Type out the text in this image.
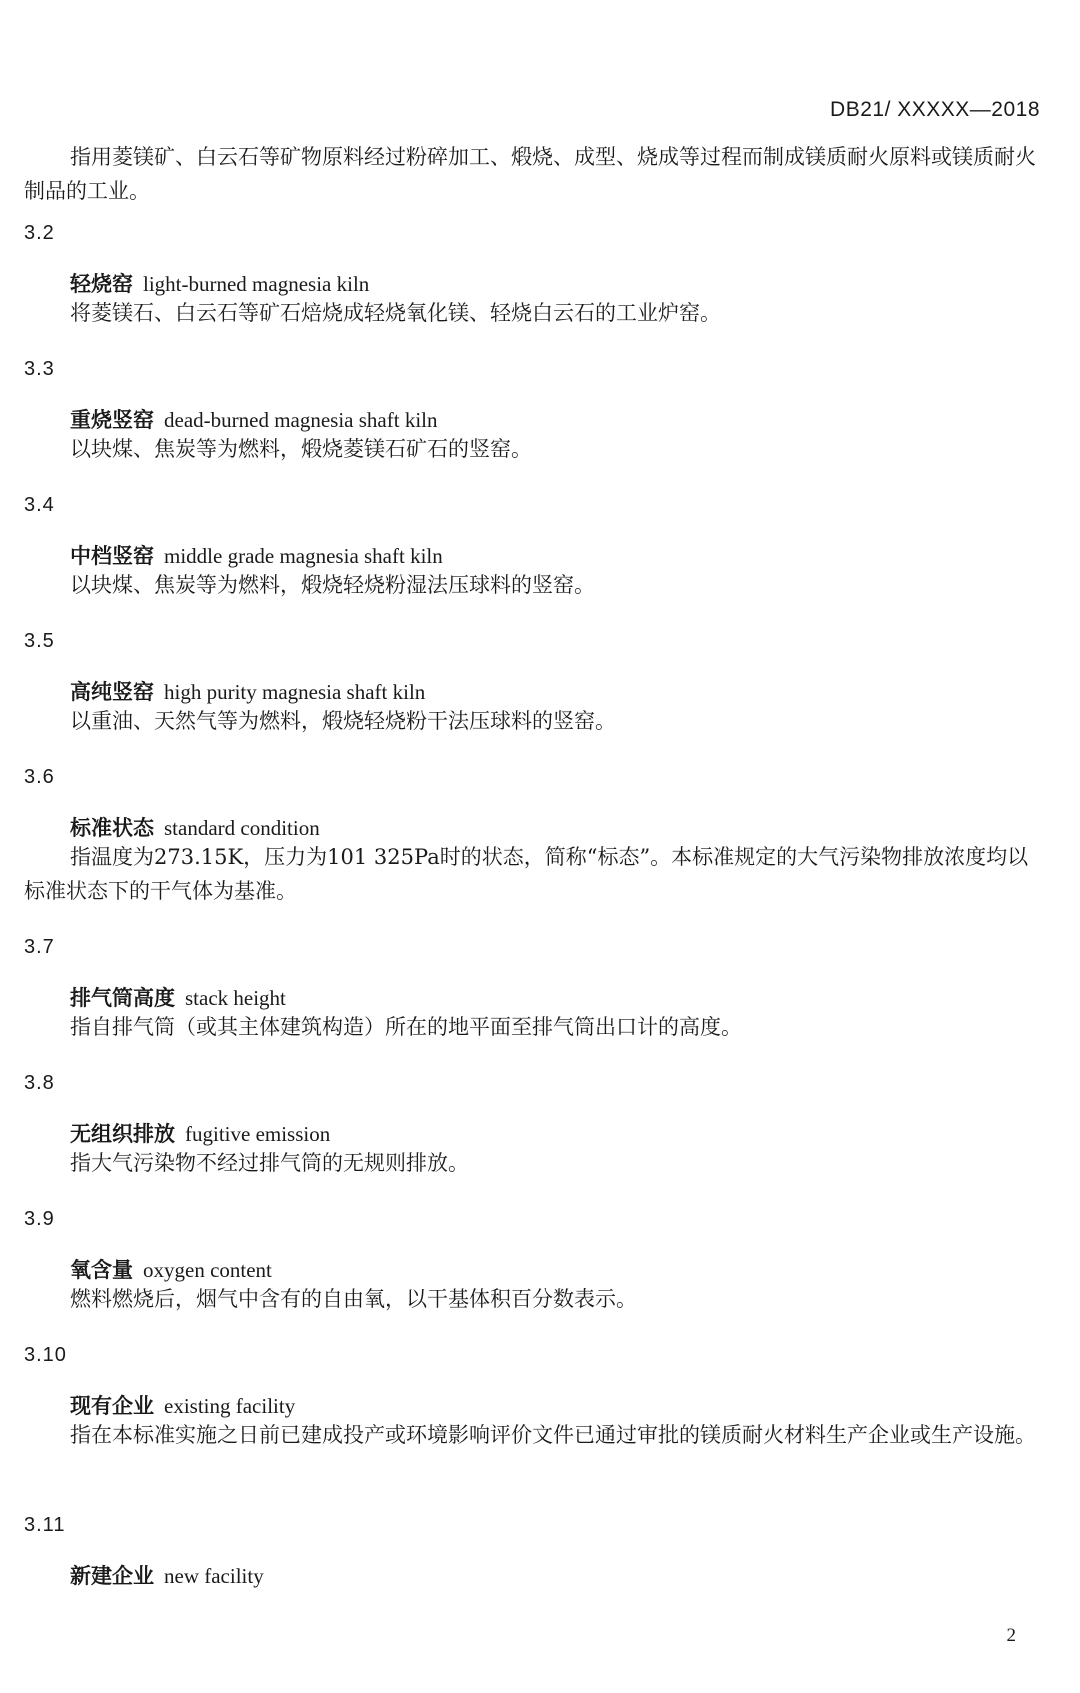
DB21/ XXXXX—2018
指用菱镁矿、白云石等矿物原料经过粉碎加工、煅烧、成型、烧成等过程而制成镁质耐火原料或镁质耐火制品的工业。
3.2
轻烧窑 light-burned magnesia kiln
将菱镁石、白云石等矿石焙烧成轻烧氧化镁、轻烧白云石的工业炉窑。
3.3
重烧竖窑 dead-burned magnesia shaft kiln
以块煤、焦炭等为燃料，煅烧菱镁石矿石的竖窑。
3.4
中档竖窑 middle grade magnesia shaft kiln
以块煤、焦炭等为燃料，煅烧轻烧粉湿法压球料的竖窑。
3.5
高纯竖窑 high purity magnesia shaft kiln
以重油、天然气等为燃料，煅烧轻烧粉干法压球料的竖窑。
3.6
标准状态 standard condition
指温度为273.15K，压力为101 325Pa时的状态，简称“标态”。本标准规定的大气污染物排放浓度均以标准状态下的干气体为基准。
3.7
排气筒高度 stack height
指自排气筒（或其主体建筑构造）所在的地平面至排气筒出口计的高度。
3.8
无组织排放 fugitive emission
指大气污染物不经过排气筒的无规则排放。
3.9
氧含量 oxygen content
燃料燃烧后，烟气中含有的自由氧，以干基体积百分数表示。
3.10
现有企业 existing facility
指在本标准实施之日前已建成投产或环境影响评价文件已通过审批的镁质耐火材料生产企业或生产设施。
3.11
新建企业 new facility
2
